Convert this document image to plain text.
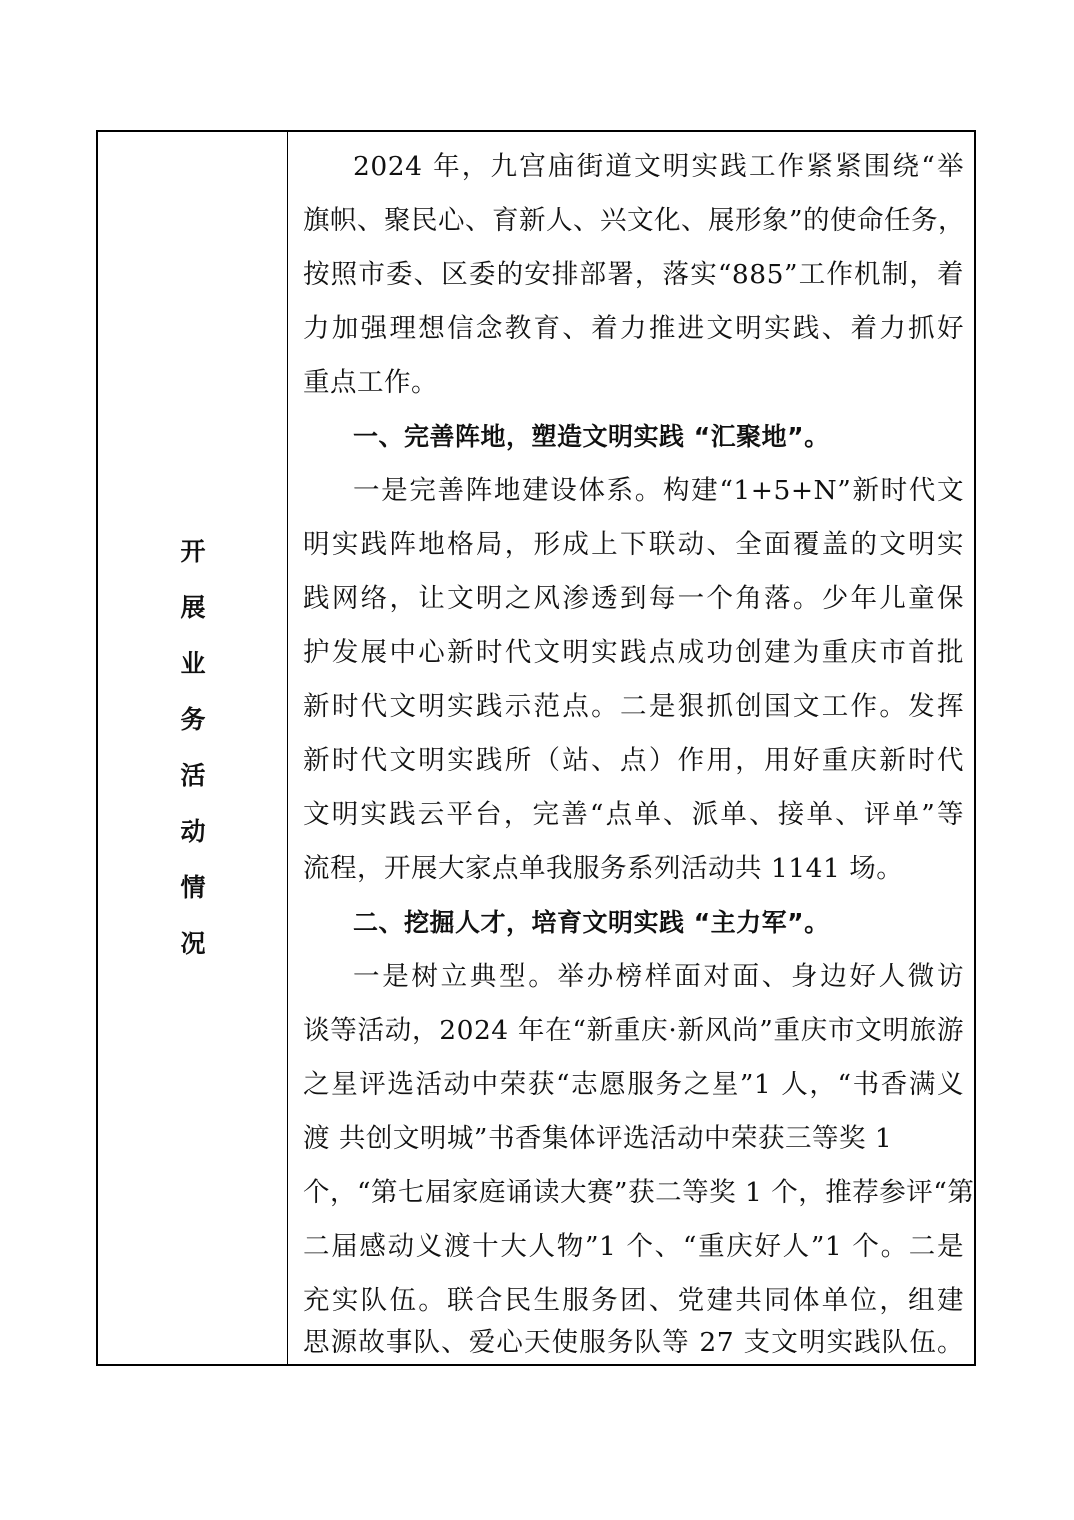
开
展
业
务
活
动
情
况
2024 年，九宫庙街道文明实践工作紧紧围绕“举
旗帜、聚民心、育新人、兴文化、展形象”的使命任务，
按照市委、区委的安排部署，落实“885”工作机制，着
力加强理想信念教育、着力推进文明实践、着力抓好
重点工作。
一、完善阵地，塑造文明实践 “汇聚地”。
一是完善阵地建设体系。构建“1+5+N”新时代文
明实践阵地格局，形成上下联动、全面覆盖的文明实
践网络，让文明之风渗透到每一个角落。少年儿童保
护发展中心新时代文明实践点成功创建为重庆市首批
新时代文明实践示范点。二是狠抓创国文工作。发挥
新时代文明实践所（站、点）作用，用好重庆新时代
文明实践云平台，完善“点单、派单、接单、评单”等
流程，开展大家点单我服务系列活动共 1141 场。
二、挖掘人才，培育文明实践 “主力军”。
一是树立典型。举办榜样面对面、身边好人微访
谈等活动，2024 年在“新重庆·新风尚”重庆市文明旅游
之星评选活动中荣获“志愿服务之星”1 人，“书香满义
渡 共创文明城”书香集体评选活动中荣获三等奖 1
个，“第七届家庭诵读大赛”获二等奖 1 个，推荐参评“第
二届感动义渡十大人物”1 个、“重庆好人”1 个。二是
充实队伍。联合民生服务团、党建共同体单位，组建
思源故事队、爱心天使服务队等 27 支文明实践队伍。
